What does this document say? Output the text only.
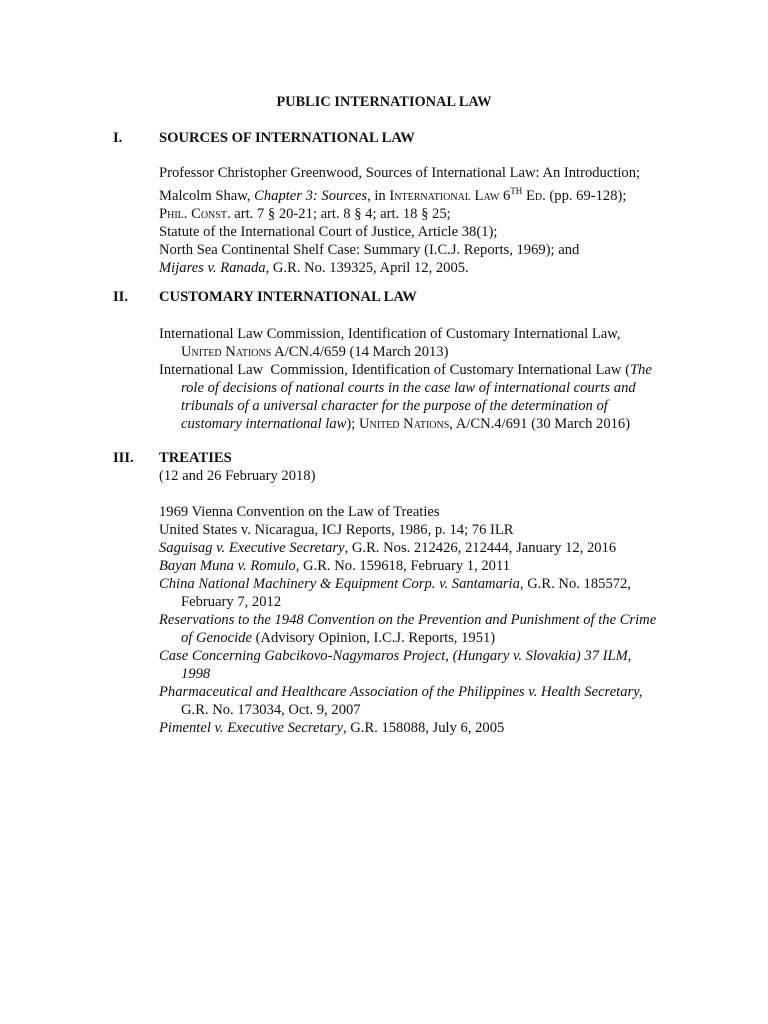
PUBLIC INTERNATIONAL LAW
I.	SOURCES OF INTERNATIONAL LAW
Professor Christopher Greenwood, Sources of International Law: An Introduction;
Malcolm Shaw, Chapter 3: Sources, in International Law 6TH Ed. (pp. 69-128);
Phil. Const. art. 7 § 20-21; art. 8 § 4; art. 18 § 25;
Statute of the International Court of Justice, Article 38(1);
North Sea Continental Shelf Case: Summary (I.C.J. Reports, 1969); and
Mijares v. Ranada, G.R. No. 139325, April 12, 2005.
II. CUSTOMARY INTERNATIONAL LAW
International Law Commission, Identification of Customary International Law,
United Nations A/CN.4/659 (14 March 2013)
International Law  Commission, Identification of Customary International Law (The
role of decisions of national courts in the case law of international courts and
tribunals of a universal character for the purpose of the determination of
customary international law); United Nations, A/CN.4/691 (30 March 2016)
III. TREATIES
(12 and 26 February 2018)
1969 Vienna Convention on the Law of Treaties
United States v. Nicaragua, ICJ Reports, 1986, p. 14; 76 ILR
Saguisag v. Executive Secretary, G.R. Nos. 212426, 212444, January 12, 2016
Bayan Muna v. Romulo, G.R. No. 159618, February 1, 2011
China National Machinery & Equipment Corp. v. Santamaria, G.R. No. 185572,
February 7, 2012
Reservations to the 1948 Convention on the Prevention and Punishment of the Crime
of Genocide (Advisory Opinion, I.C.J. Reports, 1951)
Case Concerning Gabcikovo-Nagymaros Project, (Hungary v. Slovakia) 37 ILM,
1998
Pharmaceutical and Healthcare Association of the Philippines v. Health Secretary,
G.R. No. 173034, Oct. 9, 2007
Pimentel v. Executive Secretary, G.R. 158088, July 6, 2005
